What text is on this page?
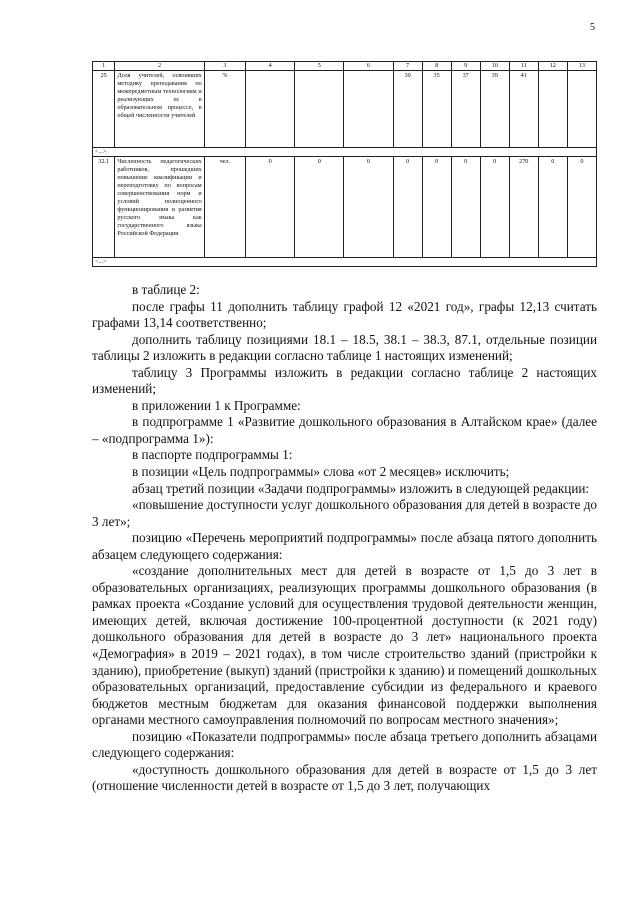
5
1	2	3	4	5	6	7	8	9	10	11	12	13
25	Доля учителей, освоивших методику преподавания по межпредметным технологиям и реализующих ее в образовательном процессе, в общей численности учителей	%				30	35	37	39	41		
<...>												
32.1	Численность педагогических работников, прошедших повышение квалификации и переподготовку по вопросам совершенствования норм и условий полноценного функционирования и развития русского языка как государственного языка Российской Федерации	чел.	0	0	0	0	0	0	0	270	0	0
<...>												

в таблице 2:

после графы 11 дополнить таблицу графой 12 «2021 год», графы 12,13 считать графами 13,14 соответственно;

дополнить таблицу позициями 18.1 – 18.5, 38.1 – 38.3, 87.1, отдельные позиции таблицы 2 изложить в редакции согласно таблице 1 настоящих изменений;

таблицу 3 Программы изложить в редакции согласно таблице 2 настоящих изменений;

в приложении 1 к Программе:

в подпрограмме 1 «Развитие дошкольного образования в Алтайском крае» (далее – «подпрограмма 1»):

в паспорте подпрограммы 1:

в позиции «Цель подпрограммы» слова «от 2 месяцев» исключить;

абзац третий позиции «Задачи подпрограммы» изложить в следующей редакции:

«повышение доступности услуг дошкольного образования для детей в возрасте до 3 лет»;

позицию «Перечень мероприятий подпрограммы» после абзаца пятого дополнить абзацем следующего содержания:

«создание дополнительных мест для детей в возрасте от 1,5 до 3 лет в образовательных организациях, реализующих программы дошкольного образования (в рамках проекта «Создание условий для осуществления трудовой деятельности женщин, имеющих детей, включая достижение 100-процентной доступности (к 2021 году) дошкольного образования для детей в возрасте до 3 лет» национального проекта «Демография» в 2019 – 2021 годах), в том числе строительство зданий (пристройки к зданию), приобретение (выкуп) зданий (пристройки к зданию) и помещений дошкольных образовательных организаций, предоставление субсидии из федерального и краевого бюджетов местным бюджетам для оказания финансовой поддержки выполнения органами местного самоуправления полномочий по вопросам местного значения»;

позицию «Показатели подпрограммы» после абзаца третьего дополнить абзацами следующего содержания:

«доступность дошкольного образования для детей в возрасте от 1,5 до 3 лет (отношение численности детей в возрасте от 1,5 до 3 лет, получающих
